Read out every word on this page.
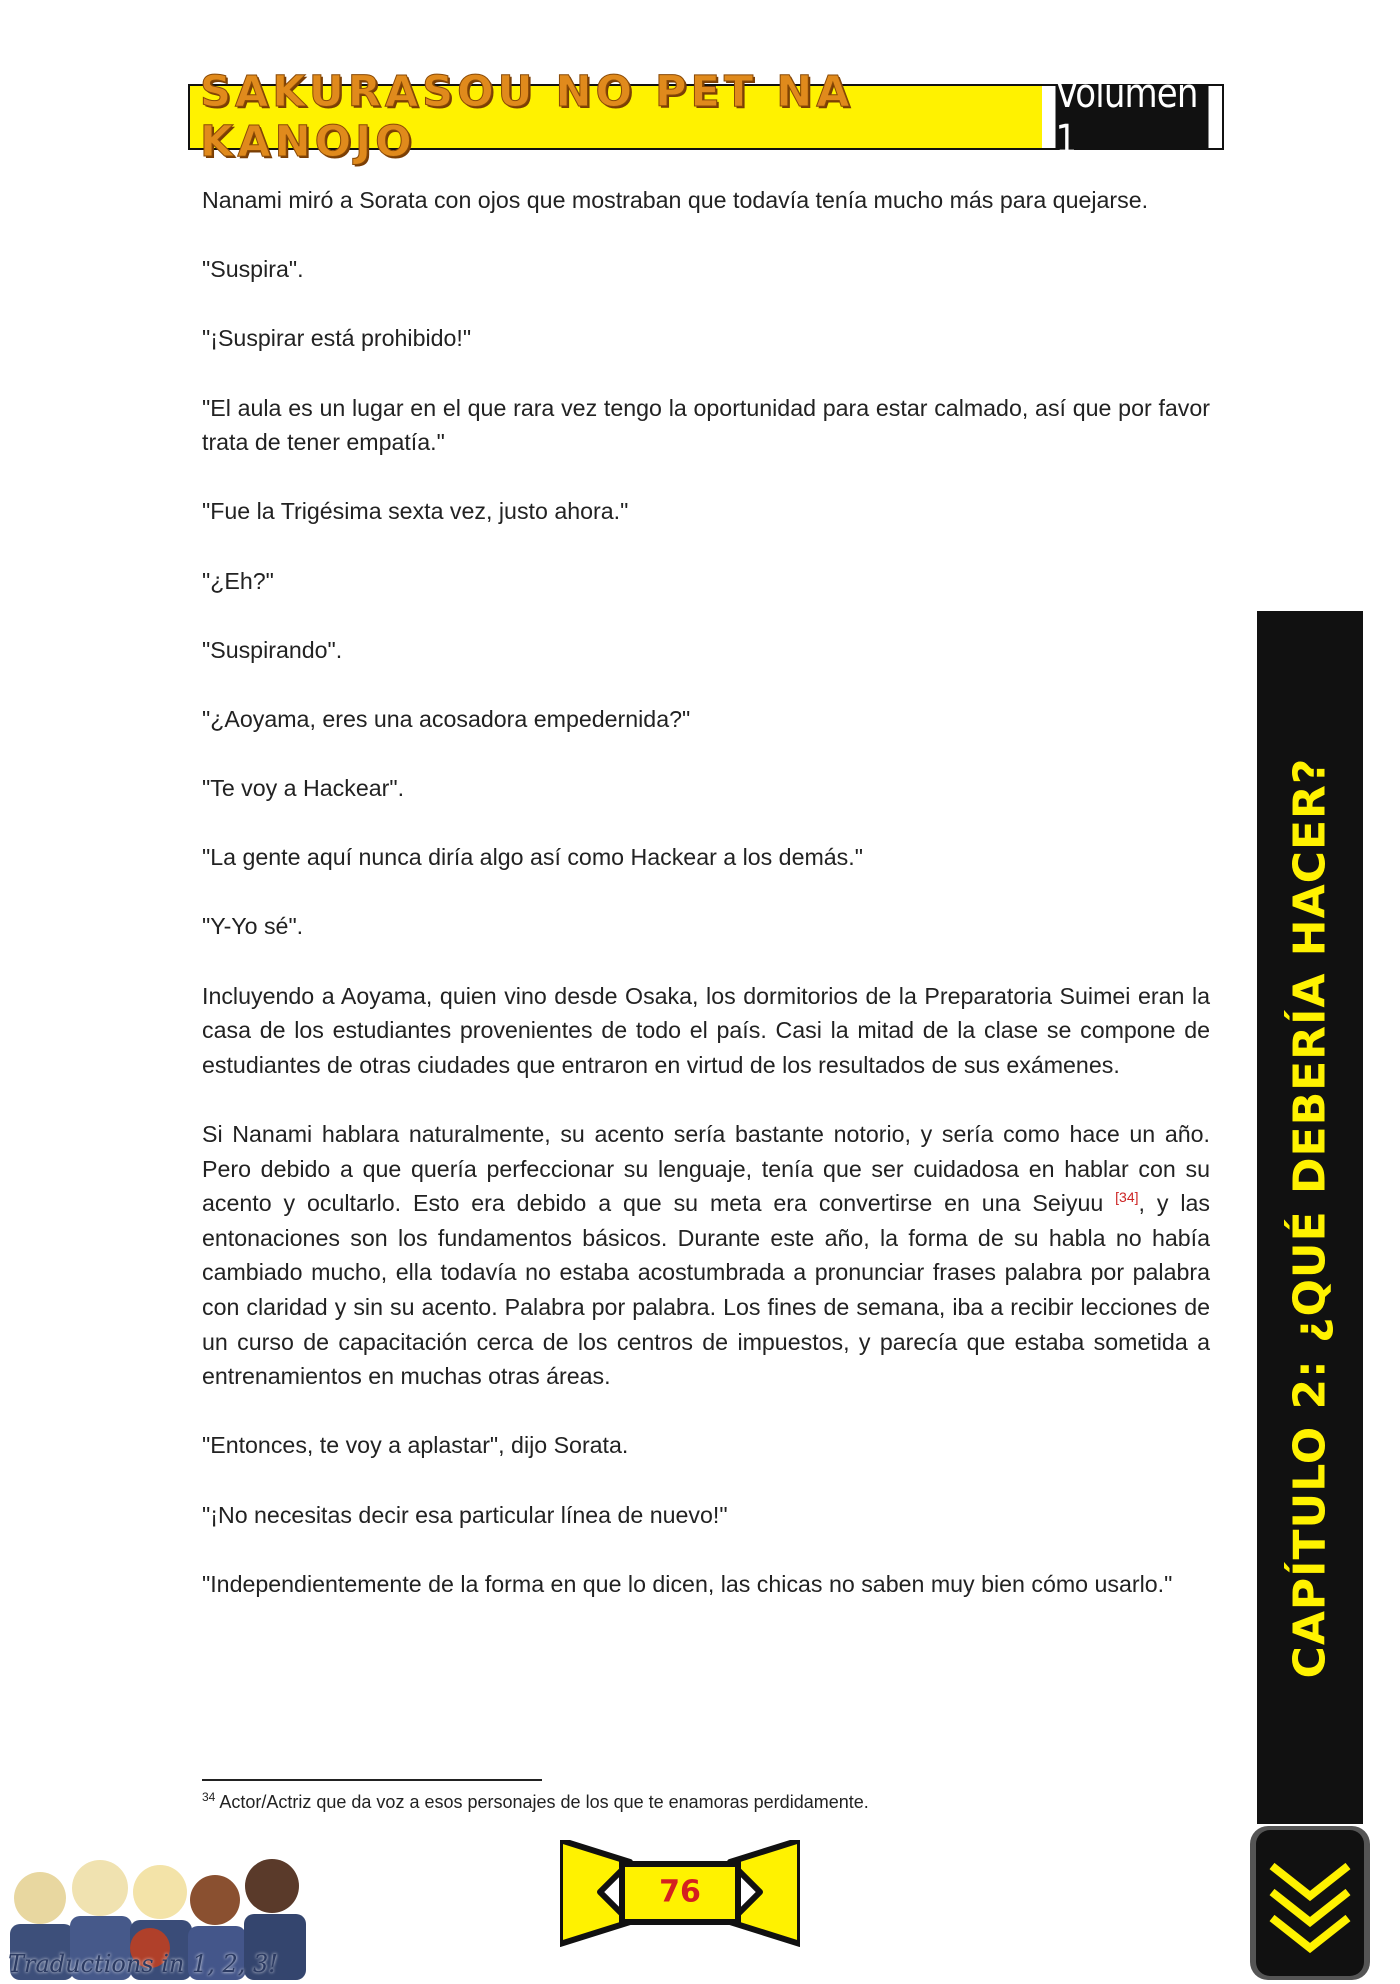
SAKURASOU NO PET NA KANOJO
Volumen 1

Nanami miró a Sorata con ojos que mostraban que todavía tenía mucho más para quejarse.

"Suspira".

"¡Suspirar está prohibido!"

"El aula es un lugar en el que rara vez tengo la oportunidad para estar calmado, así que por favor trata de tener empatía."

"Fue la Trigésima sexta vez, justo ahora."

"¿Eh?"

"Suspirando".

"¿Aoyama, eres una acosadora empedernida?"

"Te voy a Hackear".

"La gente aquí nunca diría algo así como Hackear a los demás."

"Y-Yo sé".

Incluyendo a Aoyama, quien vino desde Osaka, los dormitorios de la Preparatoria Suimei eran la casa de los estudiantes provenientes de todo el país. Casi la mitad de la clase se compone de estudiantes de otras ciudades que entraron en virtud de los resultados de sus exámenes.

Si Nanami hablara naturalmente, su acento sería bastante notorio, y sería como hace un año. Pero debido a que quería perfeccionar su lenguaje, tenía que ser cuidadosa en hablar con su acento y ocultarlo. Esto era debido a que su meta era convertirse en una Seiyuu [34], y las entonaciones son los fundamentos básicos. Durante este año, la forma de su habla no había cambiado mucho, ella todavía no estaba acostumbrada a pronunciar frases palabra por palabra con claridad y sin su acento. Palabra por palabra. Los fines de semana, iba a recibir lecciones de un curso de capacitación cerca de los centros de impuestos, y parecía que estaba sometida a entrenamientos en muchas otras áreas.

"Entonces, te voy a aplastar", dijo Sorata.

"¡No necesitas decir esa particular línea de nuevo!"

"Independientemente de la forma en que lo dicen, las chicas no saben muy bien cómo usarlo."

$^{34}$ Actor/Actriz que da voz a esos personajes de los que te enamoras perdidamente.
CAPÍTULO 2: ¿QUÉ DEBERÍA HACER?
76
Traductions in 1, 2, 3!
